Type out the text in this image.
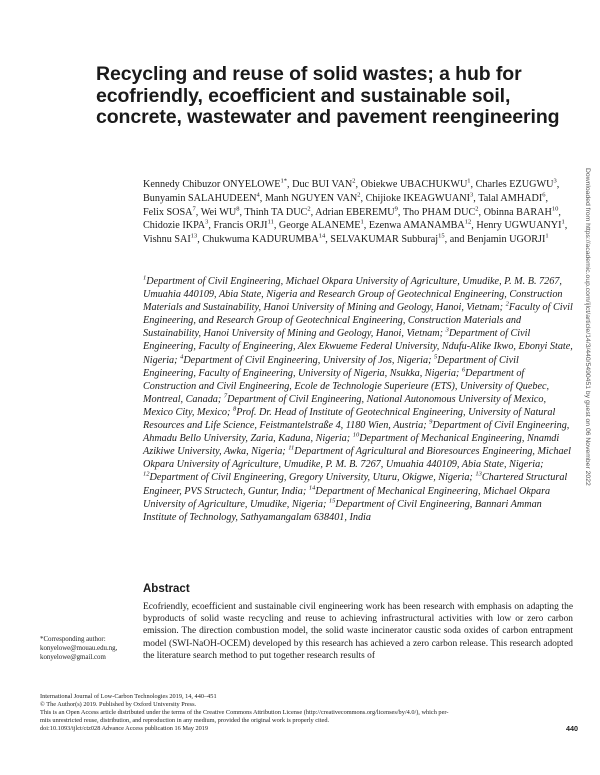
Recycling and reuse of solid wastes; a hub for ecofriendly, ecoefficient and sustainable soil, concrete, wastewater and pavement reengineering
Kennedy Chibuzor $ONYELOWE^{1*}$, Duc BUI VAN$^2$, Obiekwe UBACHUKWU$^1$, Charles EZUGWU$^3$, Bunyamin SALAHUDEEN$^4$, Manh NGUYEN VAN$^2$, Chijioke IKEAGWUANI$^3$, Talal AMHADI$^6$, Felix SOSA$^7$, Wei $WU^8$, Thinh TA DUC$^2$, Adrian EBEREMU$^9$, Tho PHAM DUC$^2$, Obinna BARAH$^{10}$, Chidozie IKPA$^3$, Francis ORJI$^{11}$, George ALANEME$^1$, Ezenwa AMANAMBA$^{12}$, Henry UGWUANYI$^1$, Vishnu SAI$^{13}$, Chukwuma KADURUMBA$^{14}$, SELVAKUMAR Subburaj$^{15}$, and Benjamin UGORJI$^1$

$^1$Department of Civil Engineering, Michael Okpara University of Agriculture, Umudike, P. M. B. 7267, Umuahia 440109, Abia State, Nigeria and Research Group of Geotechnical Engineering, Construction Materials and Sustainability, Hanoi University of Mining and Geology, Hanoi, Vietnam;

$^2$Faculty of Civil Engineering, and Research Group of Geotechnical Engineering, Construction Materials and Sustainability, Hanoi University of Mining and Geology, Hanoi, Vietnam;

$^3$Department of Civil Engineering, Faculty of Engineering, Alex Ekwueme Federal University, Ndufu-Alike Ikwo, Ebonyi State, Nigeria;

$^4$Department of Civil Engineering, University of Jos, Nigeria;

$^5$Department of Civil Engineering, Faculty of Engineering, University of Nigeria, Nsukka, Nigeria;

$^6$Department of Construction and Civil Engineering, Ecole de Technologie Superieure (ETS), University of Quebec, Montreal, Canada;

$^7$Department of Civil Engineering, National Autonomous University of Mexico, Mexico City, Mexico;

$^8$Prof. Dr. Head of Institute of Geotechnical Engineering, University of Natural Resources and Life Science, Feistmantelstraße 4, 1180 Wien, Austria;

$^9$Department of Civil Engineering, Ahmadu Bello University, Zaria, Kaduna, Nigeria;

$^{10}$Department of Mechanical Engineering, Nnamdi Azikiwe University, Awka, Nigeria;

$^{11}$Department of Agricultural and Bioresources Engineering, Michael Okpara University of Agriculture, Umudike, P. M. B. 7267, Umuahia 440109, Abia State, Nigeria;

$^{12}$Department of Civil Engineering, Gregory University, Uturu, Okigwe, Nigeria;

$^{13}$Chartered Structural Engineer, PVS Structech, Guntur, India;

$^{14}$Department of Mechanical Engineering, Michael Okpara University of Agriculture, Umudike, Nigeria;

$^{15}$Department of Civil Engineering, Bannari Amman Institute of Technology, Sathyamangalam 638401, India

Abstract

Ecofriendly, ecoefficient and sustainable civil engineering work has been research with emphasis on adapting the byproducts of solid waste recycling and reuse to achieving infrastructural activities with low or zero carbon emission. The direction combustion model, the solid waste incinerator caustic soda oxides of carbon entrapment model (SWI-NaOH-OCEM) developed by this research has achieved a zero carbon release. This research adopted the literature search method to put together research results of

*Corresponding author:
konyelowe@mouau.edu.ng,
konyelowe@gmail.com
International Journal of Low-Carbon Technologies 2019, 14, 440–451
© The Author(s) 2019. Published by Oxford University Press.
This is an Open Access article distributed under the terms of the Creative Commons Attribution License (http://creativecommons.org/licenses/by/4.0/), which per-
mits unrestricted reuse, distribution, and reproduction in any medium, provided the original work is properly cited.
doi:10.1093/ijlct/ctz028 Advance Access publication 16 May 2019	440
Downloaded from https://academic.oup.com/ijlct/article/14/3/440/5490451 by guest on 06 November 2022
